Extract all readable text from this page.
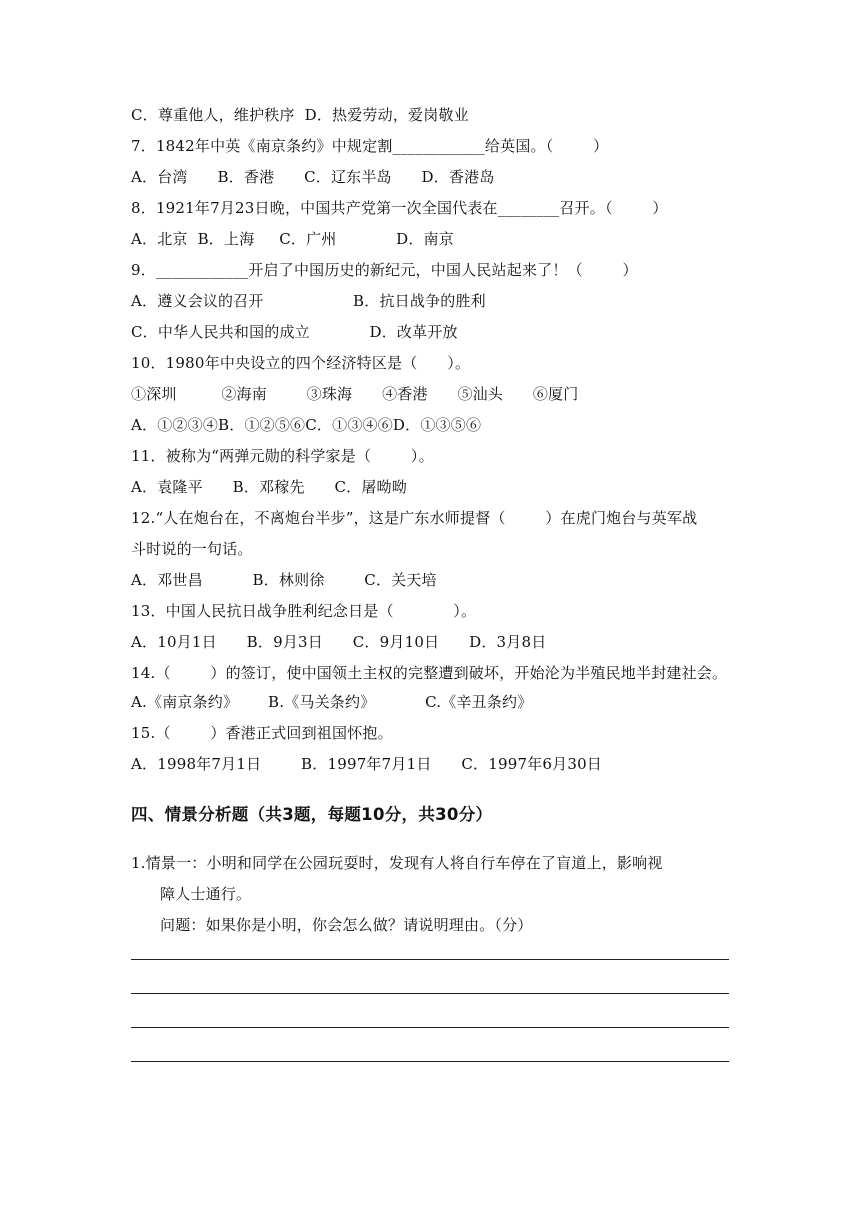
C．尊重他人，维护秩序  D．热爱劳动，爱岗敬业
7．1842年中英《南京条约》中规定割____________给英国。（        ）
A．台湾      B．香港      C．辽东半岛      D．香港岛
8．1921年7月23日晚，中国共产党第一次全国代表在________召开。（        ）
A．北京  B．上海     C．广州            D．南京
9．____________开启了中国历史的新纪元，中国人民站起来了！（        ）
A．遵义会议的召开                  B．抗日战争的胜利
C．中华人民共和国的成立            D．改革开放
10．1980年中央设立的四个经济特区是（      ）。
①深圳         ②海南        ③珠海      ④香港      ⑤汕头      ⑥厦门
A．①②③④B．①②⑤⑥C．①③④⑥D．①③⑤⑥
11．被称为“两弹元勋的科学家是（        ）。
A．袁隆平      B．邓稼先      C．屠呦呦
12.“人在炮台在，不离炮台半步”，这是广东水师提督（        ）在虎门炮台与英军战
斗时说的一句话。
A．邓世昌          B．林则徐        C．关天培
13．中国人民抗日战争胜利纪念日是（            ）。
A．10月1日      B．9月3日      C．9月10日      D．3月8日
14.（        ）的签订，使中国领土主权的完整遭到破坏，开始沦为半殖民地半封建社会。
A.《南京条约》      B.《马关条约》          C.《辛丑条约》
15.（        ）香港正式回到祖国怀抱。
A．1998年7月1日        B．1997年7月1日      C．1997年6月30日
四、情景分析题（共3题，每题10分，共30分）
1.情景一：小明和同学在公园玩耍时，发现有人将自行车停在了盲道上，影响视
障人士通行。
问题：如果你是小明，你会怎么做？请说明理由。（分）
